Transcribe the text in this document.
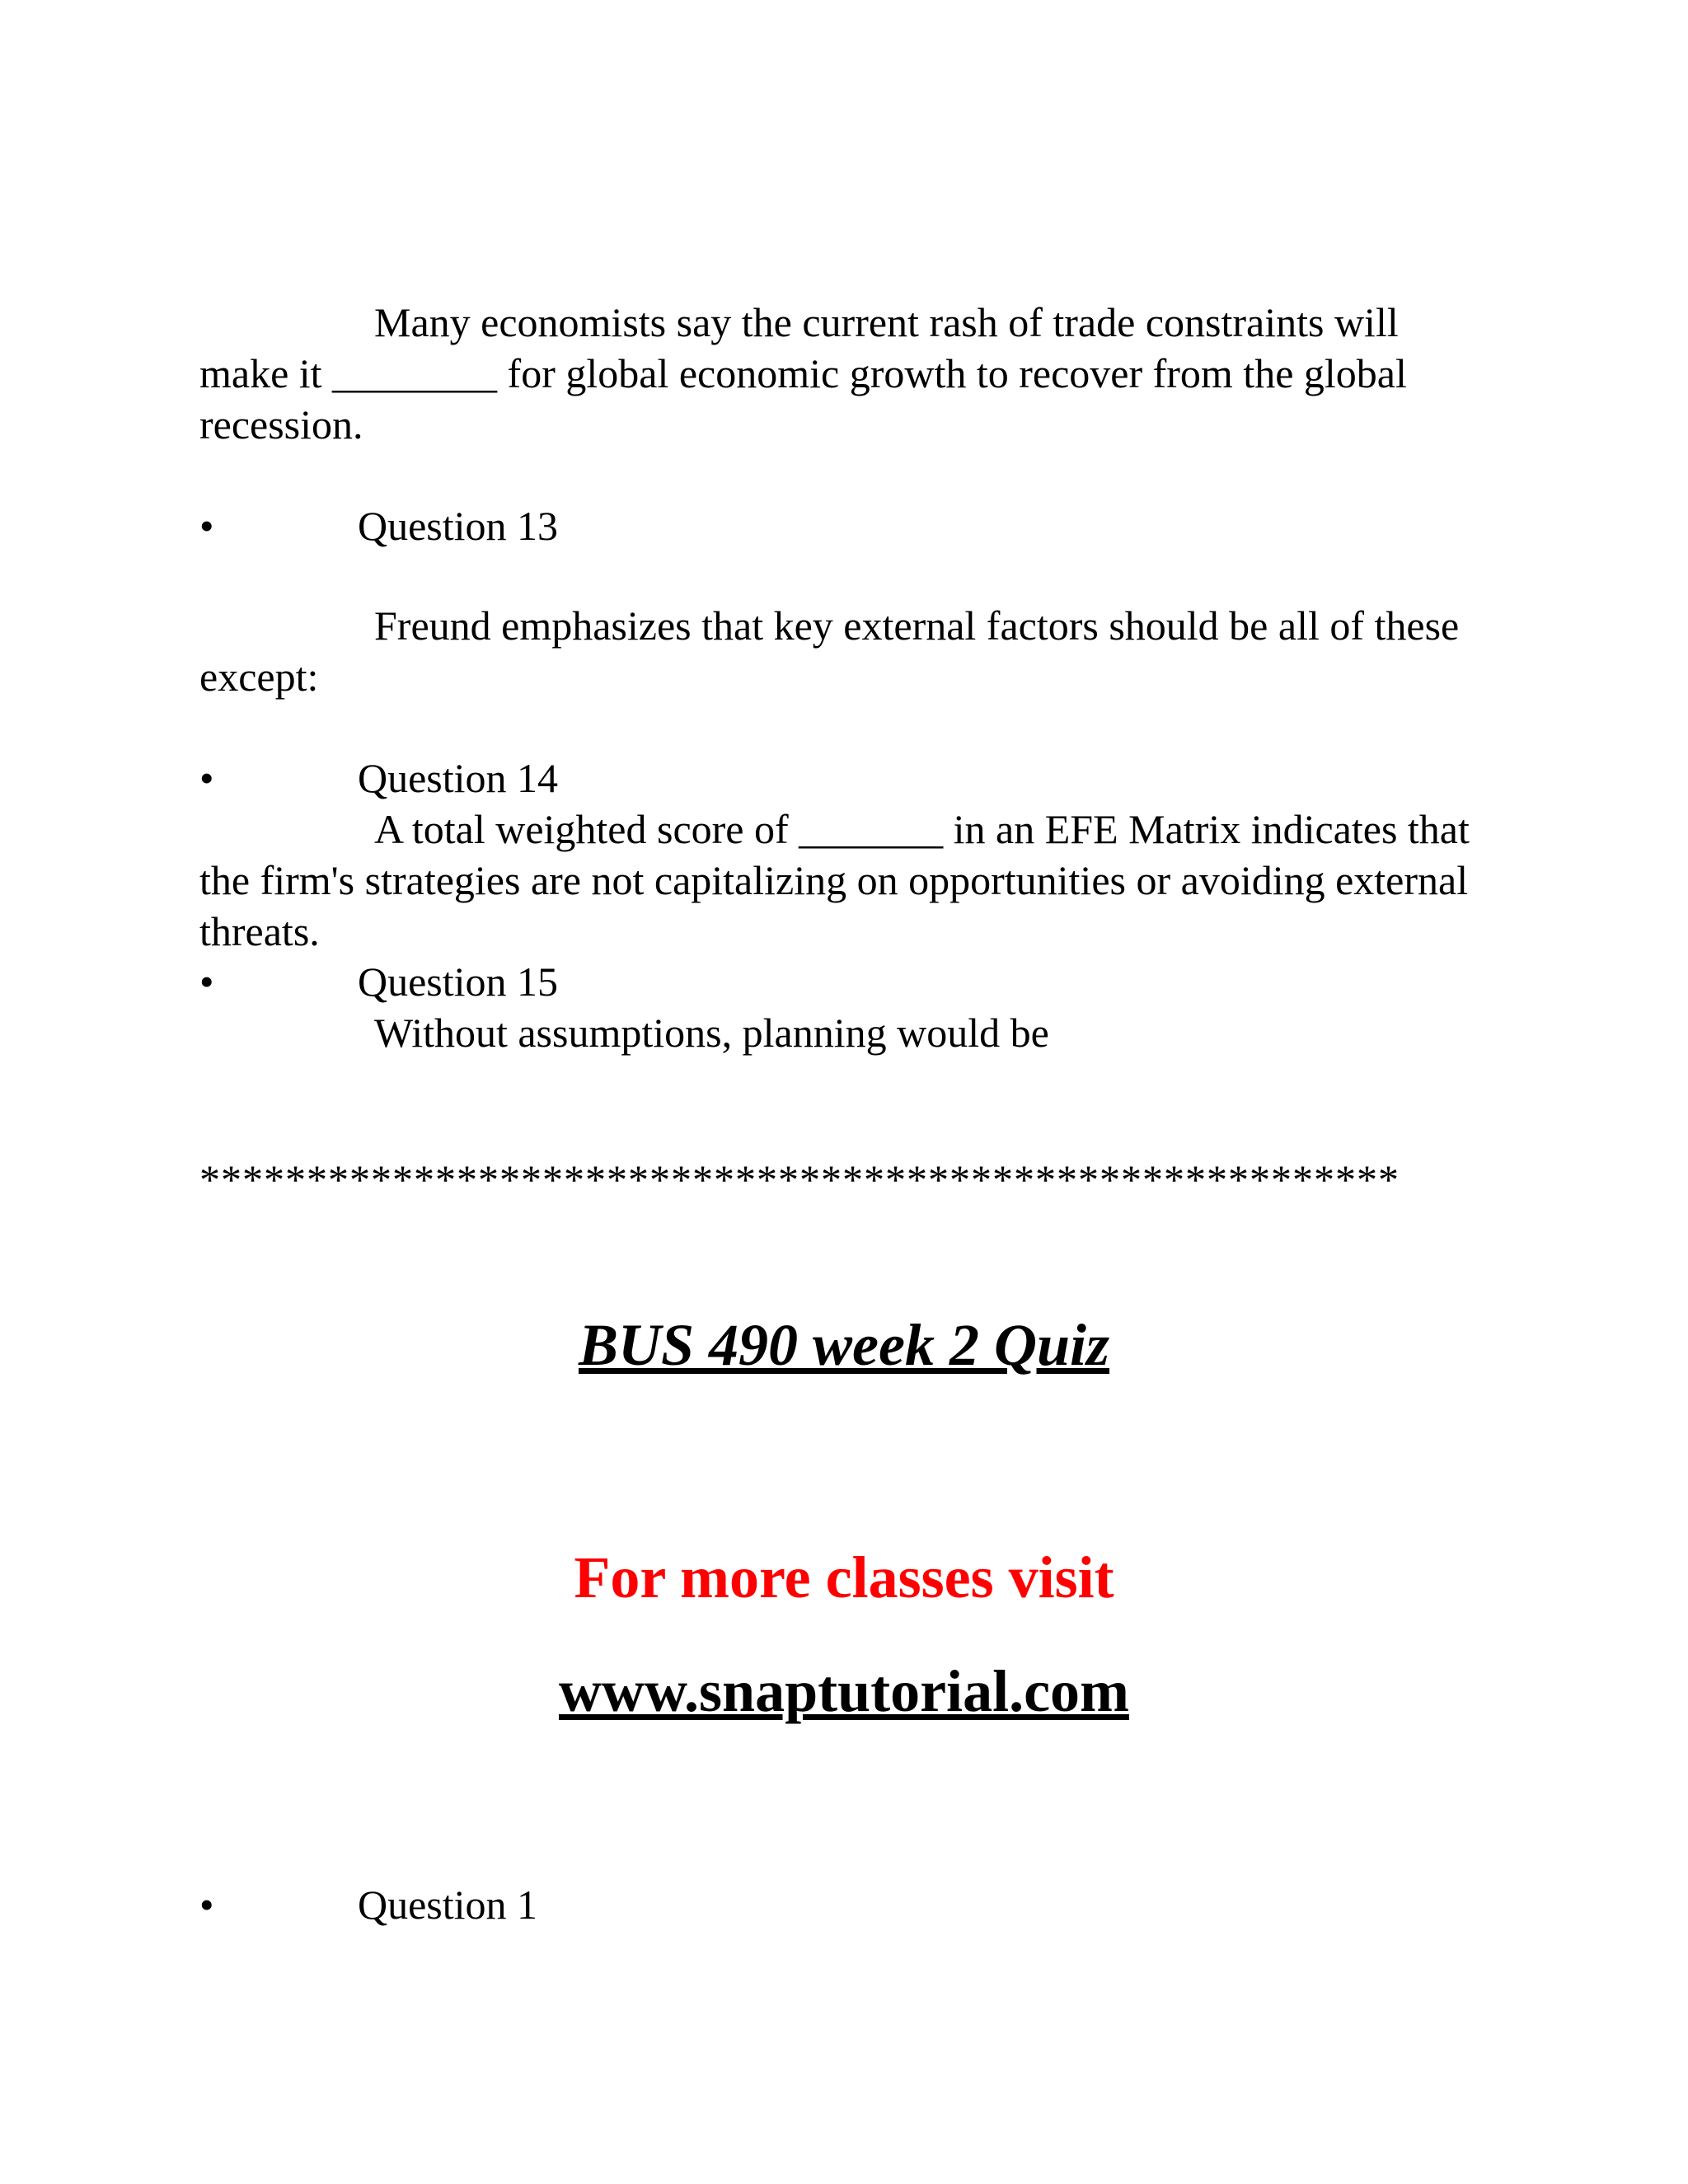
Many economists say the current rash of trade constraints will make it ________ for global economic growth to recover from the global recession.

•	Question 13

Freund emphasizes that key external factors should be all of these except:

•	Question 14

A total weighted score of _______ in an EFE Matrix indicates that the firm's strategies are not capitalizing on opportunities or avoiding external threats.

•	Question 15

Without assumptions, planning would be

********************************************************

BUS 490 week 2 Quiz
For more classes visit
www.snaptutorial.com
•	Question 1
